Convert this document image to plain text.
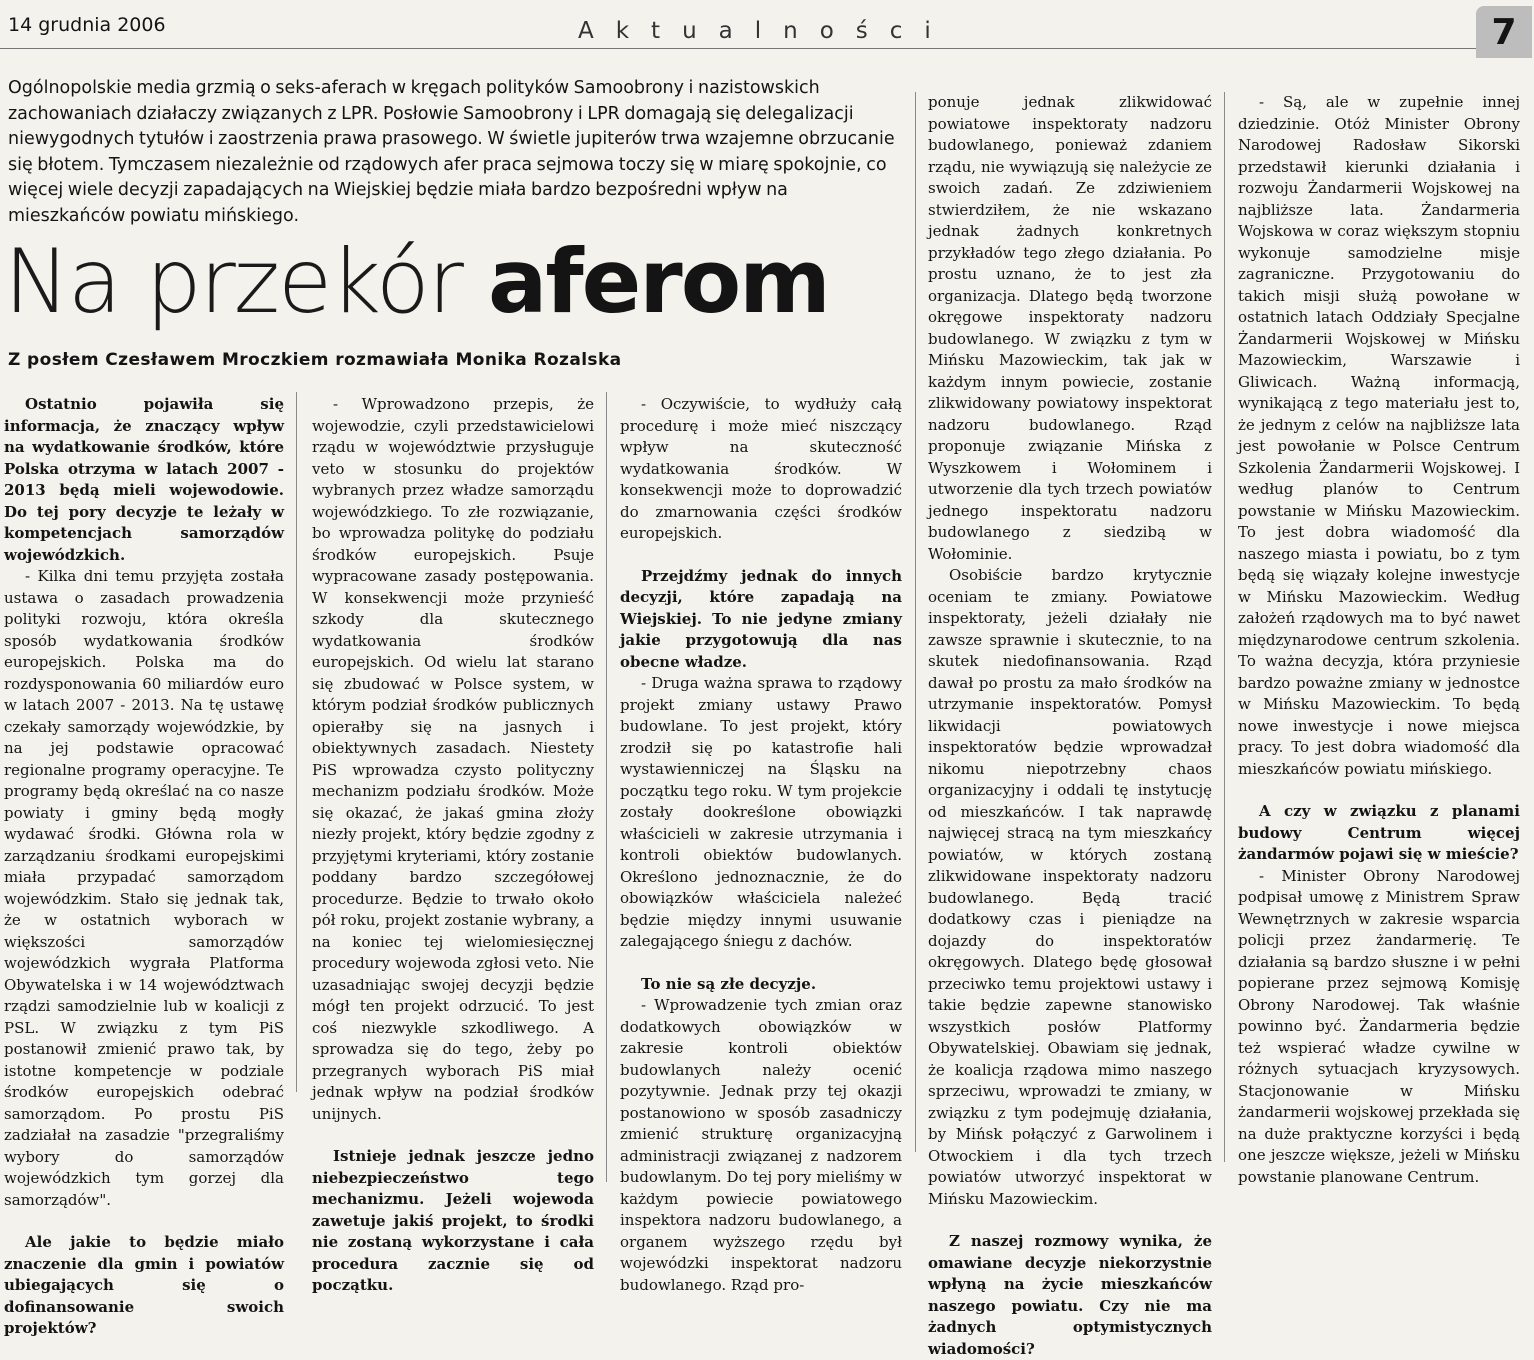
14 grudnia 2006	Aktualności	7
Ogólnopolskie media grzmią o seks-aferach w kręgach polityków Samoobrony i nazistowskich zachowaniach działaczy związanych z LPR. Posłowie Samoobrony i LPR domagają się delegalizacji niewygodnych tytułów i zaostrzenia prawa prasowego. W świetle jupiterów trwa wzajemne obrzucanie się błotem. Tymczasem niezależnie od rządowych afer praca sejmowa toczy się w miarę spokojnie, co więcej wiele decyzji zapadających na Wiejskiej będzie miała bardzo bezpośredni wpływ na mieszkańców powiatu mińskiego.
Na przekór aferom
Z posłem Czesławem Mroczkiem rozmawiała Monika Rozalska

Ostatnio pojawiła się informacja, że znaczący wpływ na wydatkowanie środków, które Polska otrzyma w latach 2007 - 2013 będą mieli wojewodowie. Do tej pory decyzje te leżały w kompetencjach samorządów wojewódzkich.

- Kilka dni temu przyjęta została ustawa o zasadach prowadzenia polityki rozwoju, która określa sposób wydatkowania środków europejskich. Polska ma do rozdysponowania 60 miliardów euro w latach 2007 - 2013. Na tę ustawę czekały samorządy wojewódzkie, by na jej podstawie opracować regionalne programy operacyjne. Te programy będą określać na co nasze powiaty i gminy będą mogły wydawać środki. Główna rola w zarządzaniu środkami europejskimi miała przypadać samorządom wojewódzkim. Stało się jednak tak, że w ostatnich wyborach w większości samorządów wojewódzkich wygrała Platforma Obywatelska i w 14 województwach rządzi samodzielnie lub w koalicji z PSL. W związku z tym PiS postanowił zmienić prawo tak, by istotne kompetencje w podziale środków europejskich odebrać samorządom. Po prostu PiS zadziałał na zasadzie "przegraliśmy wybory do samorządów wojewódzkich tym gorzej dla samorządów".

Ale jakie to będzie miało znaczenie dla gmin i powiatów ubiegających się o dofinansowanie swoich projektów?

- Wprowadzono przepis, że wojewodzie, czyli przedstawicielowi rządu w województwie przysługuje veto w stosunku do projektów wybranych przez władze samorządu wojewódzkiego. To złe rozwiązanie, bo wprowadza politykę do podziału środków europejskich. Psuje wypracowane zasady postępowania. W konsekwencji może przynieść szkody dla skutecznego wydatkowania środków europejskich. Od wielu lat starano się zbudować w Polsce system, w którym podział środków publicznych opierałby się na jasnych i obiektywnych zasadach. Niestety PiS wprowadza czysto polityczny mechanizm podziału środków. Może się okazać, że jakaś gmina złoży niezły projekt, który będzie zgodny z przyjętymi kryteriami, który zostanie poddany bardzo szczegółowej procedurze. Będzie to trwało około pół roku, projekt zostanie wybrany, a na koniec tej wielomiesięcznej procedury wojewoda zgłosi veto. Nie uzasadniając swojej decyzji będzie mógł ten projekt odrzucić. To jest coś niezwykle szkodliwego. A sprowadza się do tego, żeby po przegranych wyborach PiS miał jednak wpływ na podział środków unijnych.

Istnieje jednak jeszcze jedno niebezpieczeństwo tego mechanizmu. Jeżeli wojewoda zawetuje jakiś projekt, to środki nie zostaną wykorzystane i cała procedura zacznie się od początku.

- Oczywiście, to wydłuży całą procedurę i może mieć niszczący wpływ na skuteczność wydatkowania środków. W konsekwencji może to doprowadzić do zmarnowania części środków europejskich.

Przejdźmy jednak do innych decyzji, które zapadają na Wiejskiej. To nie jedyne zmiany jakie przygotowują dla nas obecne władze.

- Druga ważna sprawa to rządowy projekt zmiany ustawy Prawo budowlane. To jest projekt, który zrodził się po katastrofie hali wystawienniczej na Śląsku na początku tego roku. W tym projekcie zostały dookreślone obowiązki właścicieli w zakresie utrzymania i kontroli obiektów budowlanych. Określono jednoznacznie, że do obowiązków właściciela należeć będzie między innymi usuwanie zalegającego śniegu z dachów.

To nie są złe decyzje.

- Wprowadzenie tych zmian oraz dodatkowych obowiązków w zakresie kontroli obiektów budowlanych należy ocenić pozytywnie. Jednak przy tej okazji postanowiono w sposób zasadniczy zmienić strukturę organizacyjną administracji związanej z nadzorem budowlanym. Do tej pory mieliśmy w każdym powiecie powiatowego inspektora nadzoru budowlanego, a organem wyższego rzędu był wojewódzki inspektorat nadzoru budowlanego. Rząd pro-

ponuje jednak zlikwidować powiatowe inspektoraty nadzoru budowlanego, ponieważ zdaniem rządu, nie wywiązują się należycie ze swoich zadań. Ze zdziwieniem stwierdziłem, że nie wskazano jednak żadnych konkretnych przykładów tego złego działania. Po prostu uznano, że to jest zła organizacja. Dlatego będą tworzone okręgowe inspektoraty nadzoru budowlanego. W związku z tym w Mińsku Mazowieckim, tak jak w każdym innym powiecie, zostanie zlikwidowany powiatowy inspektorat nadzoru budowlanego. Rząd proponuje związanie Mińska z Wyszkowem i Wołominem i utworzenie dla tych trzech powiatów jednego inspektoratu nadzoru budowlanego z siedzibą w Wołominie.

Osobiście bardzo krytycznie oceniam te zmiany. Powiatowe inspektoraty, jeżeli działały nie zawsze sprawnie i skutecznie, to na skutek niedofinansowania. Rząd dawał po prostu za mało środków na utrzymanie inspektoratów. Pomysł likwidacji powiatowych inspektoratów będzie wprowadzał nikomu niepotrzebny chaos organizacyjny i oddali tę instytucję od mieszkańców. I tak naprawdę najwięcej stracą na tym mieszkańcy powiatów, w których zostaną zlikwidowane inspektoraty nadzoru budowlanego. Będą tracić dodatkowy czas i pieniądze na dojazdy do inspektoratów okręgowych. Dlatego będę głosował przeciwko temu projektowi ustawy i takie będzie zapewne stanowisko wszystkich posłów Platformy Obywatelskiej. Obawiam się jednak, że koalicja rządowa mimo naszego sprzeciwu, wprowadzi te zmiany, w związku z tym podejmuję działania, by Mińsk połączyć z Garwolinem i Otwockiem i dla tych trzech powiatów utworzyć inspektorat w Mińsku Mazowieckim.

Z naszej rozmowy wynika, że omawiane decyzje niekorzystnie wpłyną na życie mieszkańców naszego powiatu. Czy nie ma żadnych optymistycznych wiadomości?

- Są, ale w zupełnie innej dziedzinie. Otóż Minister Obrony Narodowej Radosław Sikorski przedstawił kierunki działania i rozwoju Żandarmerii Wojskowej na najbliższe lata. Żandarmeria Wojskowa w coraz większym stopniu wykonuje samodzielne misje zagraniczne. Przygotowaniu do takich misji służą powołane w ostatnich latach Oddziały Specjalne Żandarmerii Wojskowej w Mińsku Mazowieckim, Warszawie i Gliwicach. Ważną informacją, wynikającą z tego materiału jest to, że jednym z celów na najbliższe lata jest powołanie w Polsce Centrum Szkolenia Żandarmerii Wojskowej. I według planów to Centrum powstanie w Mińsku Mazowieckim. To jest dobra wiadomość dla naszego miasta i powiatu, bo z tym będą się wiązały kolejne inwestycje w Mińsku Mazowieckim. Według założeń rządowych ma to być nawet międzynarodowe centrum szkolenia. To ważna decyzja, która przyniesie bardzo poważne zmiany w jednostce w Mińsku Mazowieckim. To będą nowe inwestycje i nowe miejsca pracy. To jest dobra wiadomość dla mieszkańców powiatu mińskiego.

A czy w związku z planami budowy Centrum więcej żandarmów pojawi się w mieście?

- Minister Obrony Narodowej podpisał umowę z Ministrem Spraw Wewnętrznych w zakresie wsparcia policji przez żandarmerię. Te działania są bardzo słuszne i w pełni popierane przez sejmową Komisję Obrony Narodowej. Tak właśnie powinno być. Żandarmeria będzie też wspierać władze cywilne w różnych sytuacjach kryzysowych. Stacjonowanie w Mińsku żandarmerii wojskowej przekłada się na duże praktyczne korzyści i będą one jeszcze większe, jeżeli w Mińsku powstanie planowane Centrum.
